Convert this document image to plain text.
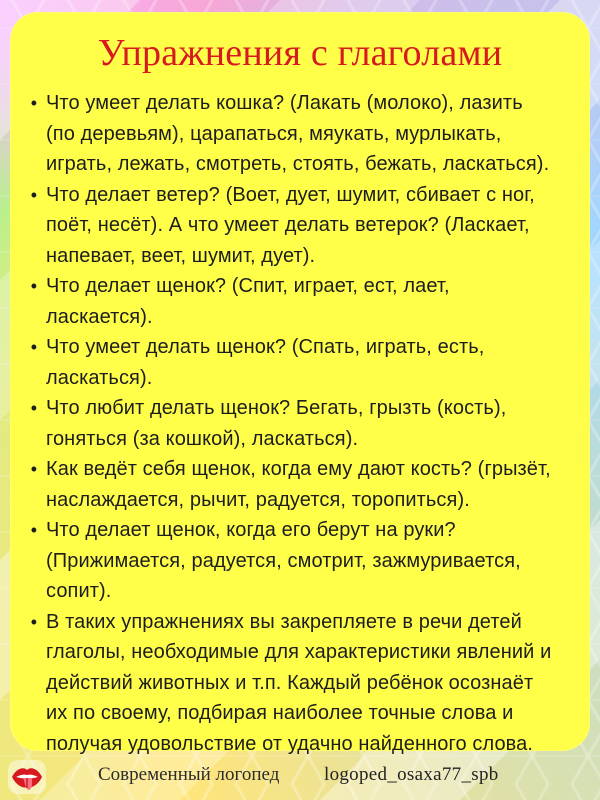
Упражнения с глаголами
• Что умеет делать кошка? (Лакать (молоко), лазить
(по деревьям), царапаться, мяукать, мурлыкать,
играть, лежать, смотреть, стоять, бежать, ласкаться).
• Что делает ветер? (Воет, дует, шумит, сбивает с ног,
поёт, несёт). А что умеет делать ветерок? (Ласкает,
напевает, веет, шумит, дует).
• Что делает щенок? (Спит, играет, ест, лает,
ласкается).
• Что умеет делать щенок? (Спать, играть, есть,
ласкаться).
• Что любит делать щенок? Бегать, грызть (кость),
гоняться (за кошкой), ласкаться).
• Как ведёт себя щенок, когда ему дают кость? (грызёт,
наслаждается, рычит, радуется, торопиться).
• Что делает щенок, когда его берут на руки?
(Прижимается, радуется, смотрит, зажмуривается,
сопит).
• В таких упражнениях вы закрепляете в речи детей
глаголы, необходимые для характеристики явлений и
действий животных и т.п. Каждый ребёнок осознаёт
их по своему, подбирая наиболее точные слова и
получая удовольствие от удачно найденного слова.
Современный логопед logoped_osaxa77_spb
